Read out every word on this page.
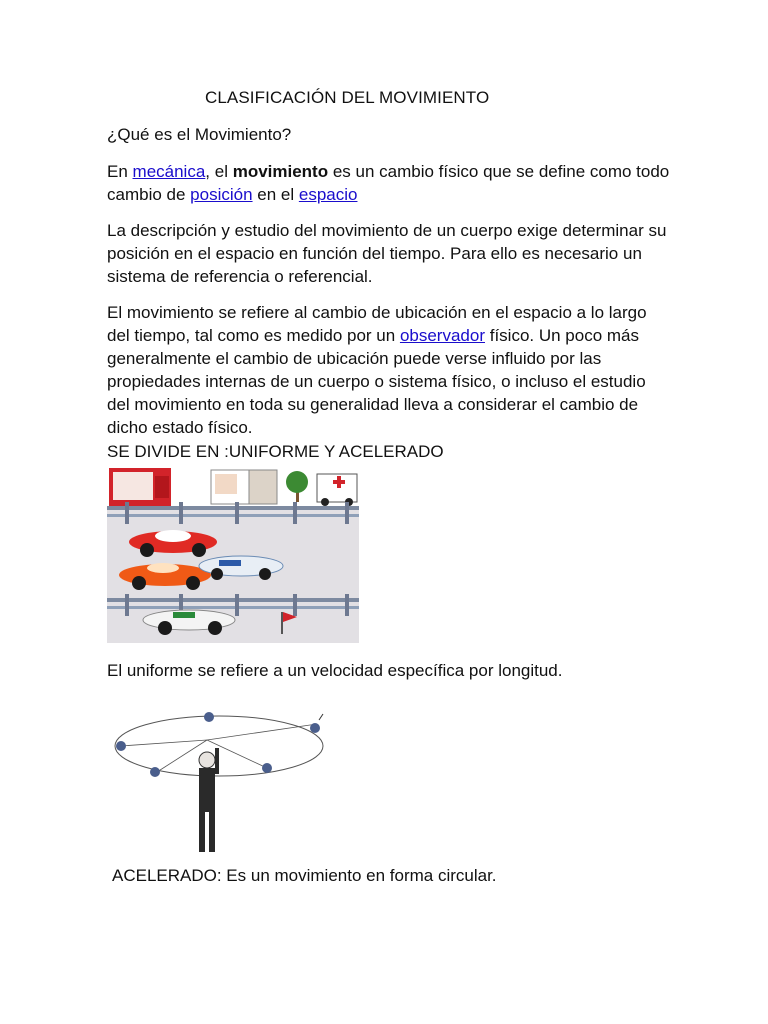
CLASIFICACIÓN DEL MOVIMIENTO
¿Qué es el Movimiento?
En mecánica, el movimiento es un cambio físico que se define como todo cambio de posición en el espacio
La descripción y estudio del movimiento de un cuerpo exige determinar su posición en el espacio en función del tiempo. Para ello es necesario un sistema de referencia o referencial.
El movimiento se refiere al cambio de ubicación en el espacio a lo largo del tiempo, tal como es medido por un observador físico. Un poco más generalmente el cambio de ubicación puede verse influido por las propiedades internas de un cuerpo o sistema físico, o incluso el estudio del movimiento en toda su generalidad lleva a considerar el cambio de dicho estado físico.
SE DIVIDE EN :UNIFORME Y ACELERADO
El uniforme se refiere a un velocidad específica por longitud.
ACELERADO: Es un movimiento en forma circular.
